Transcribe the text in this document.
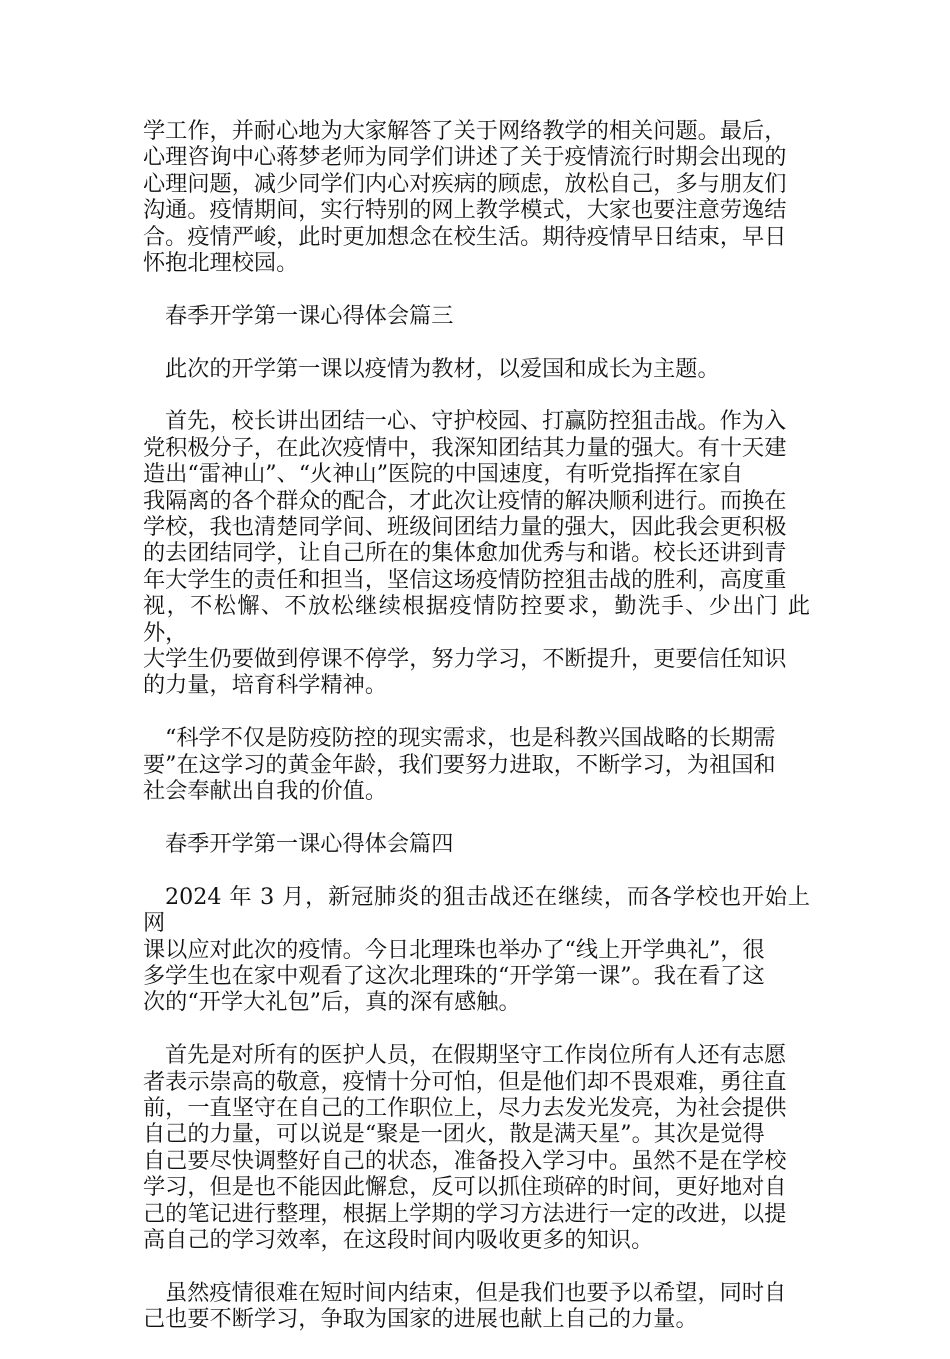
学工作，并耐心地为大家解答了关于网络教学的相关问题。最后，
心理咨询中心蒋梦老师为同学们讲述了关于疫情流行时期会出现的
心理问题，减少同学们内心对疾病的顾虑，放松自己，多与朋友们
沟通。疫情期间，实行特别的网上教学模式，大家也要注意劳逸结
合。疫情严峻，此时更加想念在校生活。期待疫情早日结束，早日
怀抱北理校园。

春季开学第一课心得体会篇三

此次的开学第一课以疫情为教材，以爱国和成长为主题。

首先，校长讲出团结一心、守护校园、打赢防控狙击战。作为入
党积极分子，在此次疫情中，我深知团结其力量的强大。有十天建
造出“雷神山”、“火神山”医院的中国速度，有听党指挥在家自
我隔离的各个群众的配合，才此次让疫情的解决顺利进行。而换在
学校，我也清楚同学间、班级间团结力量的强大，因此我会更积极
的去团结同学，让自己所在的集体愈加优秀与和谐。校长还讲到青
年大学生的责任和担当，坚信这场疫情防控狙击战的胜利，高度重
视，不松懈、不放松继续根据疫情防控要求，勤洗手、少出门 此外，
大学生仍要做到停课不停学，努力学习，不断提升，更要信任知识
的力量，培育科学精神。

“科学不仅是防疫防控的现实需求，也是科教兴国战略的长期需
要”在这学习的黄金年龄，我们要努力进取，不断学习，为祖国和
社会奉献出自我的价值。

春季开学第一课心得体会篇四

2024 年 3 月，新冠肺炎的狙击战还在继续，而各学校也开始上网
课以应对此次的疫情。今日北理珠也举办了“线上开学典礼”，很
多学生也在家中观看了这次北理珠的“开学第一课”。我在看了这
次的“开学大礼包”后，真的深有感触。

首先是对所有的医护人员，在假期坚守工作岗位所有人还有志愿
者表示崇高的敬意，疫情十分可怕，但是他们却不畏艰难，勇往直
前，一直坚守在自己的工作职位上，尽力去发光发亮，为社会提供
自己的力量，可以说是“聚是一团火，散是满天星”。其次是觉得
自己要尽快调整好自己的状态，准备投入学习中。虽然不是在学校
学习，但是也不能因此懈怠，反可以抓住琐碎的时间，更好地对自
己的笔记进行整理，根据上学期的学习方法进行一定的改进，以提
高自己的学习效率，在这段时间内吸收更多的知识。

虽然疫情很难在短时间内结束，但是我们也要予以希望，同时自
己也要不断学习，争取为国家的进展也献上自己的力量。
